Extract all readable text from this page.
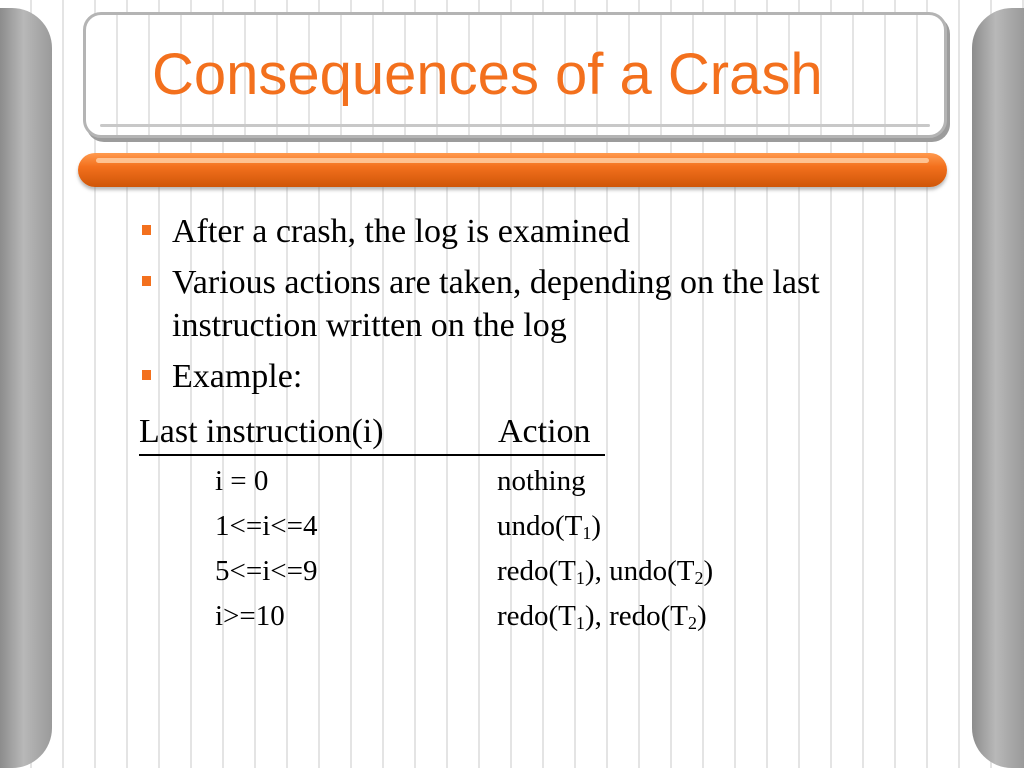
Consequences of a Crash
After a crash, the log is examined
Various actions are taken, depending on the last instruction written on the log
Example:
Last instruction(i)	Action
i = 0	nothing
1<=i<=4	$undo(T_1)$
5<=i<=9	$redo(T_1)$, $undo(T_2)$
i>=10	$redo(T_1)$, $redo(T_2)$
